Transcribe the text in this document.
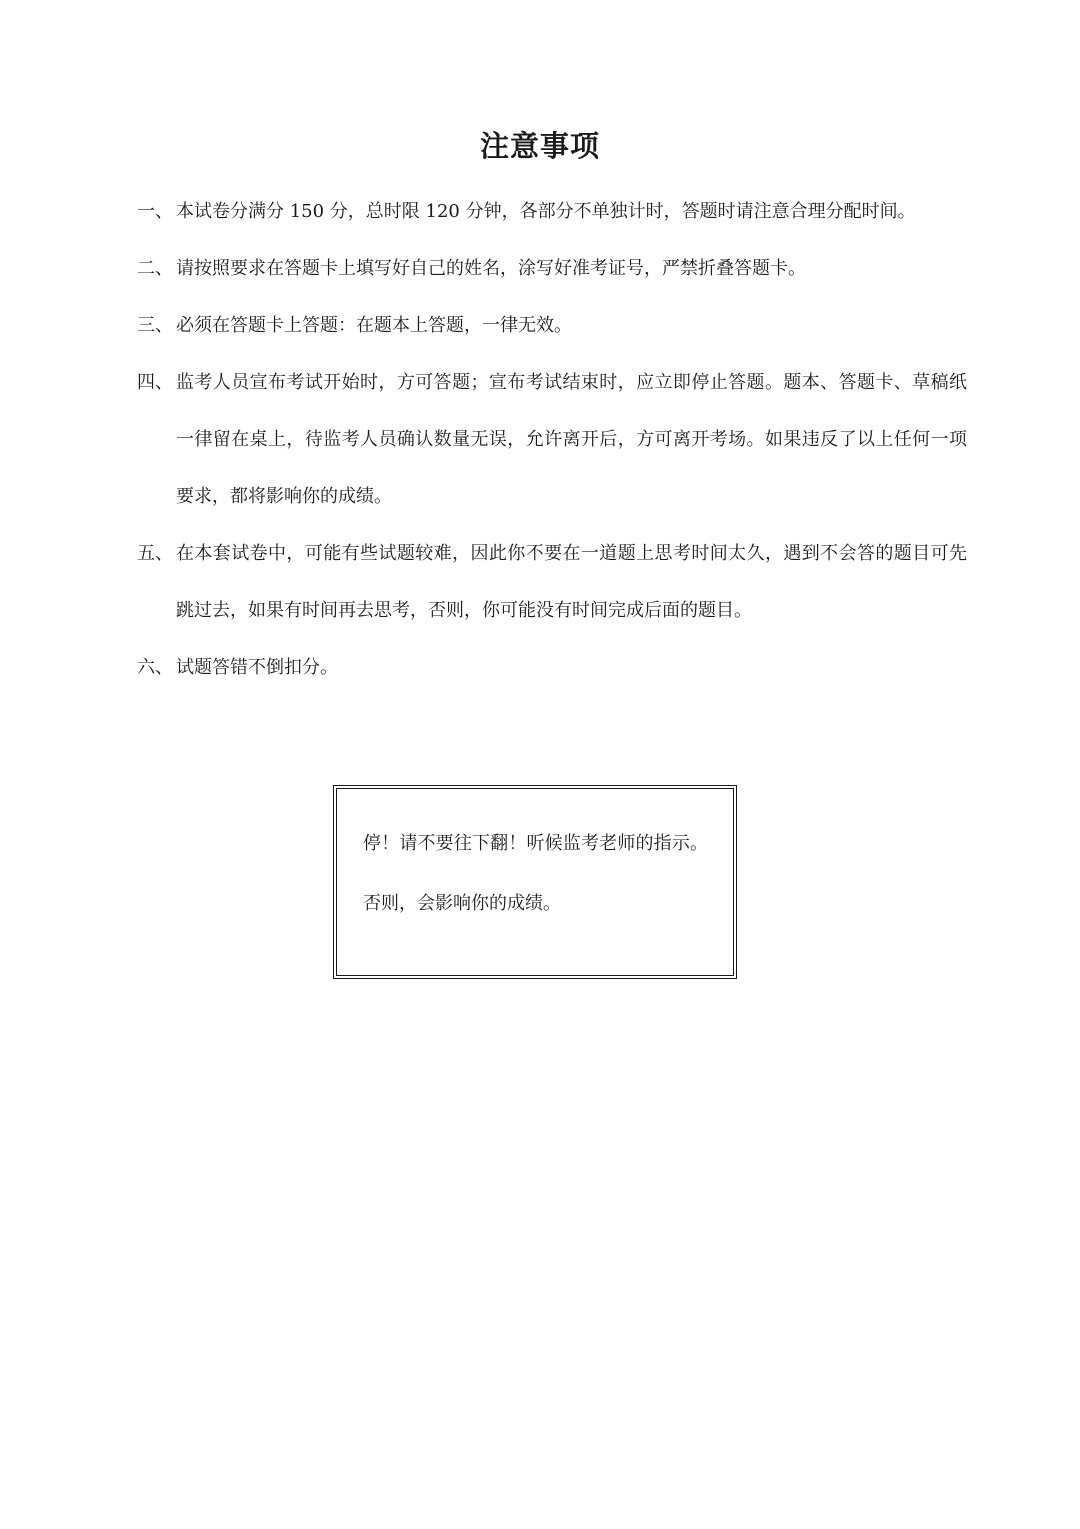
注意事项
一、 本试卷分满分 150 分，总时限 120 分钟，各部分不单独计时，答题时请注意合理分配时间。
二、 请按照要求在答题卡上填写好自己的姓名，涂写好准考证号，严禁折叠答题卡。
三、 必须在答题卡上答题：在题本上答题，一律无效。
四、 监考人员宣布考试开始时，方可答题；宣布考试结束时，应立即停止答题。题本、答题卡、草稿纸一律留在桌上，待监考人员确认数量无误，允许离开后，方可离开考场。如果违反了以上任何一项要求，都将影响你的成绩。
五、 在本套试卷中，可能有些试题较难，因此你不要在一道题上思考时间太久，遇到不会答的题目可先跳过去，如果有时间再去思考，否则，你可能没有时间完成后面的题目。
六、 试题答错不倒扣分。
停！请不要往下翻！听候监考老师的指示。否则，会影响你的成绩。
